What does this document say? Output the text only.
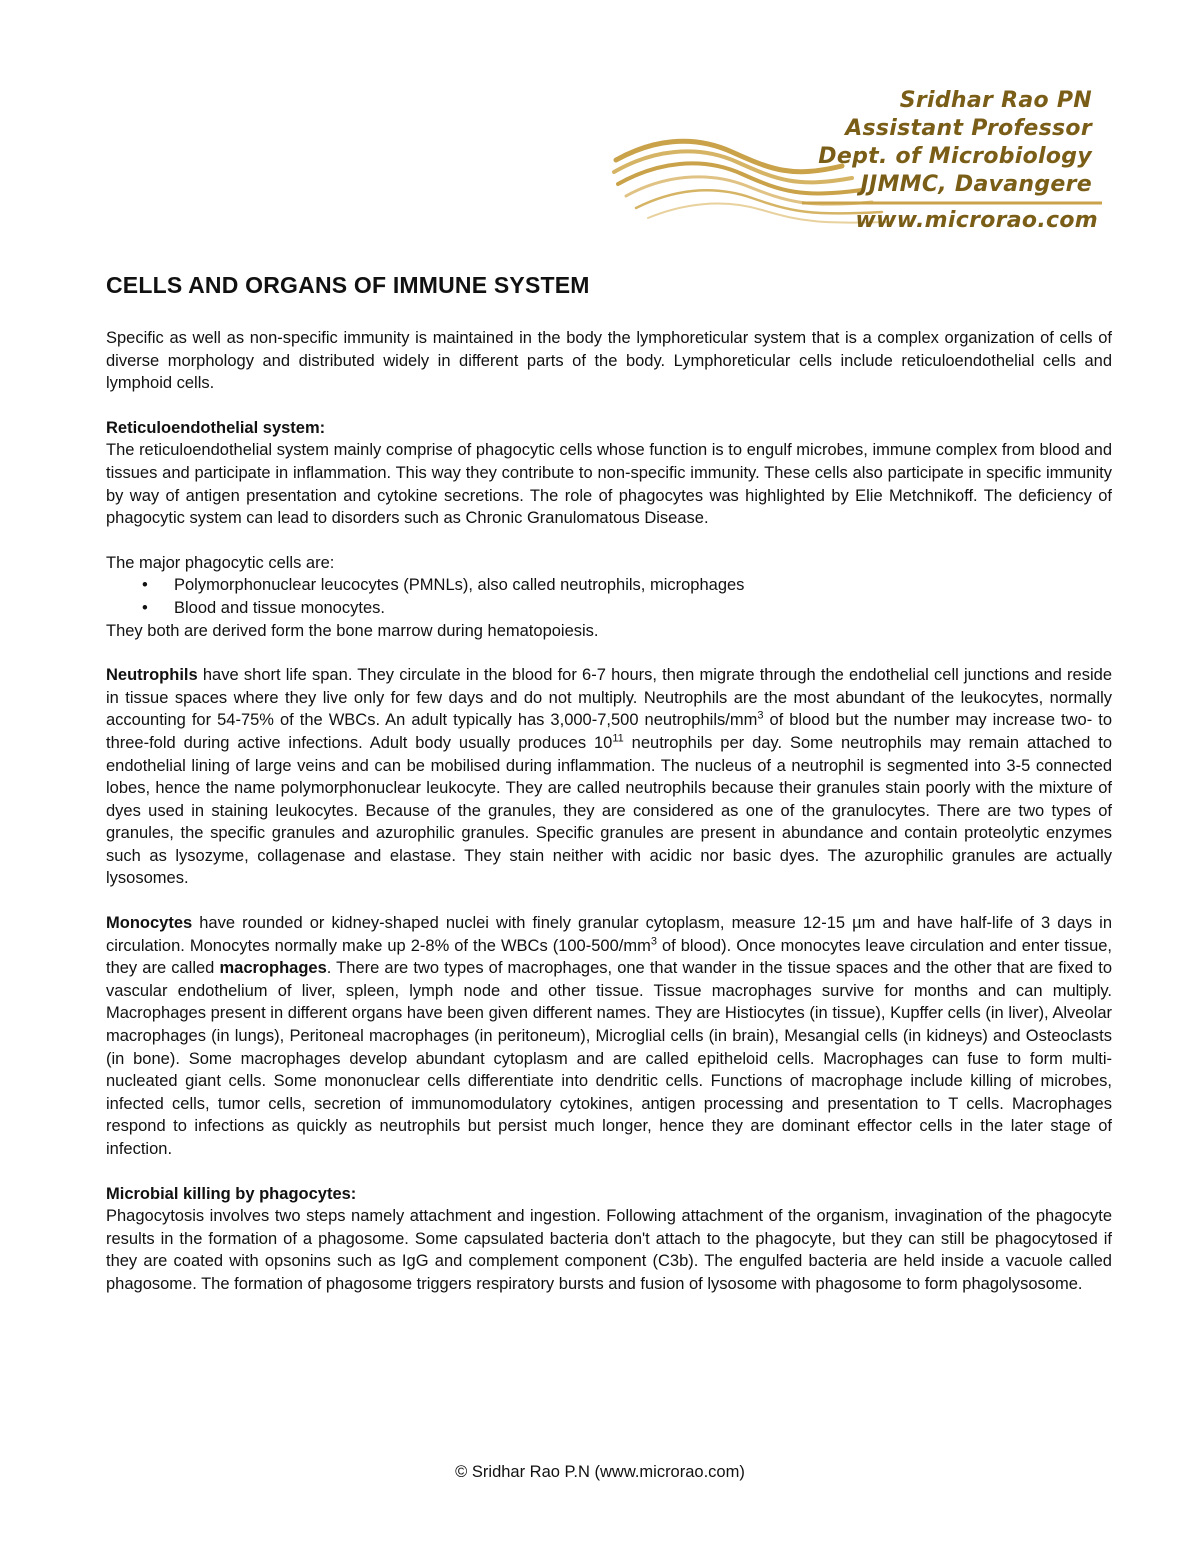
Sridhar Rao PN
Assistant Professor
Dept. of Microbiology
JJMMC, Davangere
www.microrao.com
CELLS AND ORGANS OF IMMUNE SYSTEM

Specific as well as non-specific immunity is maintained in the body the lymphoreticular system that is a complex organization of cells of diverse morphology and distributed widely in different parts of the body. Lymphoreticular cells include reticuloendothelial cells and lymphoid cells.

Reticuloendothelial system:

The reticuloendothelial system mainly comprise of phagocytic cells whose function is to engulf microbes, immune complex from blood and tissues and participate in inflammation. This way they contribute to non-specific immunity. These cells also participate in specific immunity by way of antigen presentation and cytokine secretions. The role of phagocytes was highlighted by Elie Metchnikoff. The deficiency of phagocytic system can lead to disorders such as Chronic Granulomatous Disease.

The major phagocytic cells are:

• Polymorphonuclear leucocytes (PMNLs), also called neutrophils, microphages
• Blood and tissue monocytes.

They both are derived form the bone marrow during hematopoiesis.

Neutrophils have short life span. They circulate in the blood for 6-7 hours, then migrate through the endothelial cell junctions and reside in tissue spaces where they live only for few days and do not multiply. Neutrophils are the most abundant of the leukocytes, normally accounting for 54-75% of the WBCs. An adult typically has 3,000-7,500 neutrophils/$mm^3$ of blood but the number may increase two- to three-fold during active infections. Adult body usually produces $10^{11}$ neutrophils per day. Some neutrophils may remain attached to endothelial lining of large veins and can be mobilised during inflammation. The nucleus of a neutrophil is segmented into 3-5 connected lobes, hence the name polymorphonuclear leukocyte. They are called neutrophils because their granules stain poorly with the mixture of dyes used in staining leukocytes. Because of the granules, they are considered as one of the granulocytes. There are two types of granules, the specific granules and azurophilic granules. Specific granules are present in abundance and contain proteolytic enzymes such as lysozyme, collagenase and elastase. They stain neither with acidic nor basic dyes. The azurophilic granules are actually lysosomes.

Monocytes have rounded or kidney-shaped nuclei with finely granular cytoplasm, measure 12-15 µm and have half-life of 3 days in circulation. Monocytes normally make up 2-8% of the WBCs ($100-500/mm^3$ of blood). Once monocytes leave circulation and enter tissue, they are called macrophages. There are two types of macrophages, one that wander in the tissue spaces and the other that are fixed to vascular endothelium of liver, spleen, lymph node and other tissue. Tissue macrophages survive for months and can multiply. Macrophages present in different organs have been given different names. They are Histiocytes (in tissue), Kupffer cells (in liver), Alveolar macrophages (in lungs), Peritoneal macrophages (in peritoneum), Microglial cells (in brain), Mesangial cells (in kidneys) and Osteoclasts (in bone). Some macrophages develop abundant cytoplasm and are called epitheloid cells. Macrophages can fuse to form multi-nucleated giant cells. Some mononuclear cells differentiate into dendritic cells. Functions of macrophage include killing of microbes, infected cells, tumor cells, secretion of immunomodulatory cytokines, antigen processing and presentation to T cells. Macrophages respond to infections as quickly as neutrophils but persist much longer, hence they are dominant effector cells in the later stage of infection.

Microbial killing by phagocytes:

Phagocytosis involves two steps namely attachment and ingestion. Following attachment of the organism, invagination of the phagocyte results in the formation of a phagosome. Some capsulated bacteria don't attach to the phagocyte, but they can still be phagocytosed if they are coated with opsonins such as IgG and complement component (C3b). The engulfed bacteria are held inside a vacuole called phagosome. The formation of phagosome triggers respiratory bursts and fusion of lysosome with phagosome to form phagolysosome.

© Sridhar Rao P.N (www.microrao.com)
